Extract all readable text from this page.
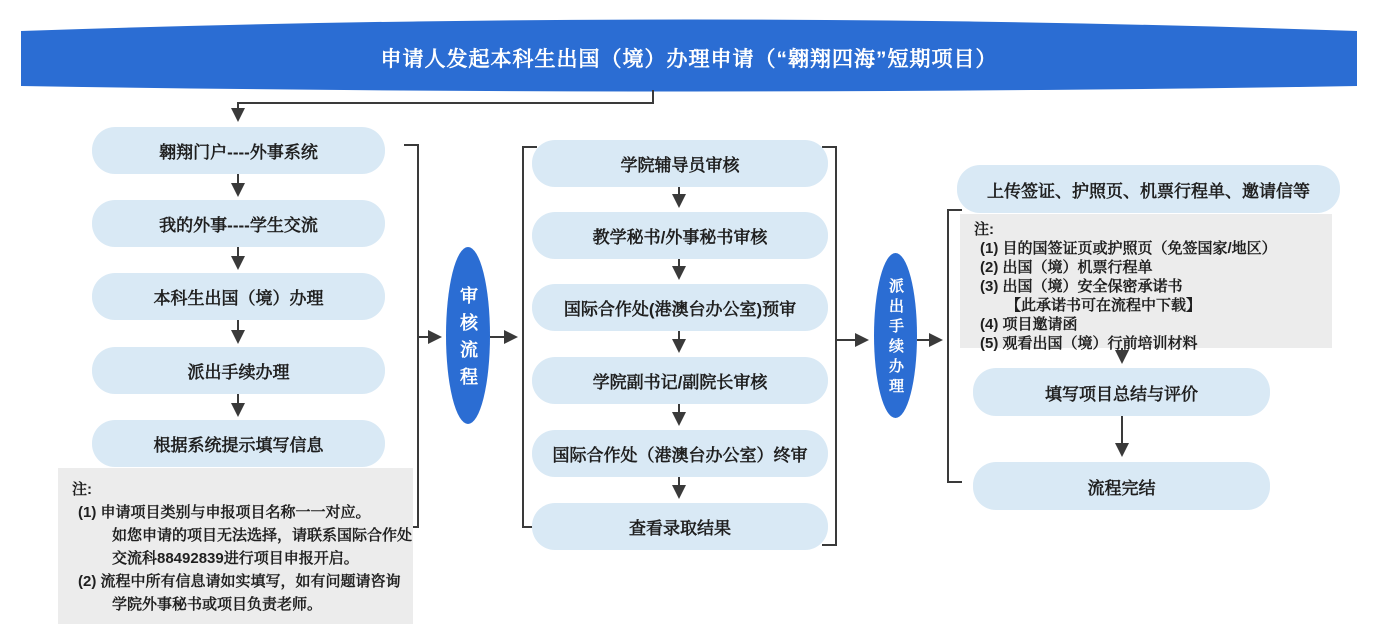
申请人发起本科生出国（境）办理申请（“翱翔四海”短期项目）
翱翔门户----外事系统
我的外事----学生交流
本科生出国（境）办理
派出手续办理
根据系统提示填写信息
注:
(1) 申请项目类别与申报项目名称一一对应。
如您申请的项目无法选择，请联系国际合作处
交流科88492839进行项目申报开启。
(2) 流程中所有信息请如实填写，如有问题请咨询
学院外事秘书或项目负责老师。
审核流程
学院辅导员审核
教学秘书/外事秘书审核
国际合作处(港澳台办公室)预审
学院副书记/副院长审核
国际合作处（港澳台办公室）终审
查看录取结果
派出手续办理
上传签证、护照页、机票行程单、邀请信等
注:
(1) 目的国签证页或护照页（免签国家/地区）
(2) 出国（境）机票行程单
(3) 出国（境）安全保密承诺书
【此承诺书可在流程中下载】
(4) 项目邀请函
(5) 观看出国（境）行前培训材料
填写项目总结与评价
流程完结
